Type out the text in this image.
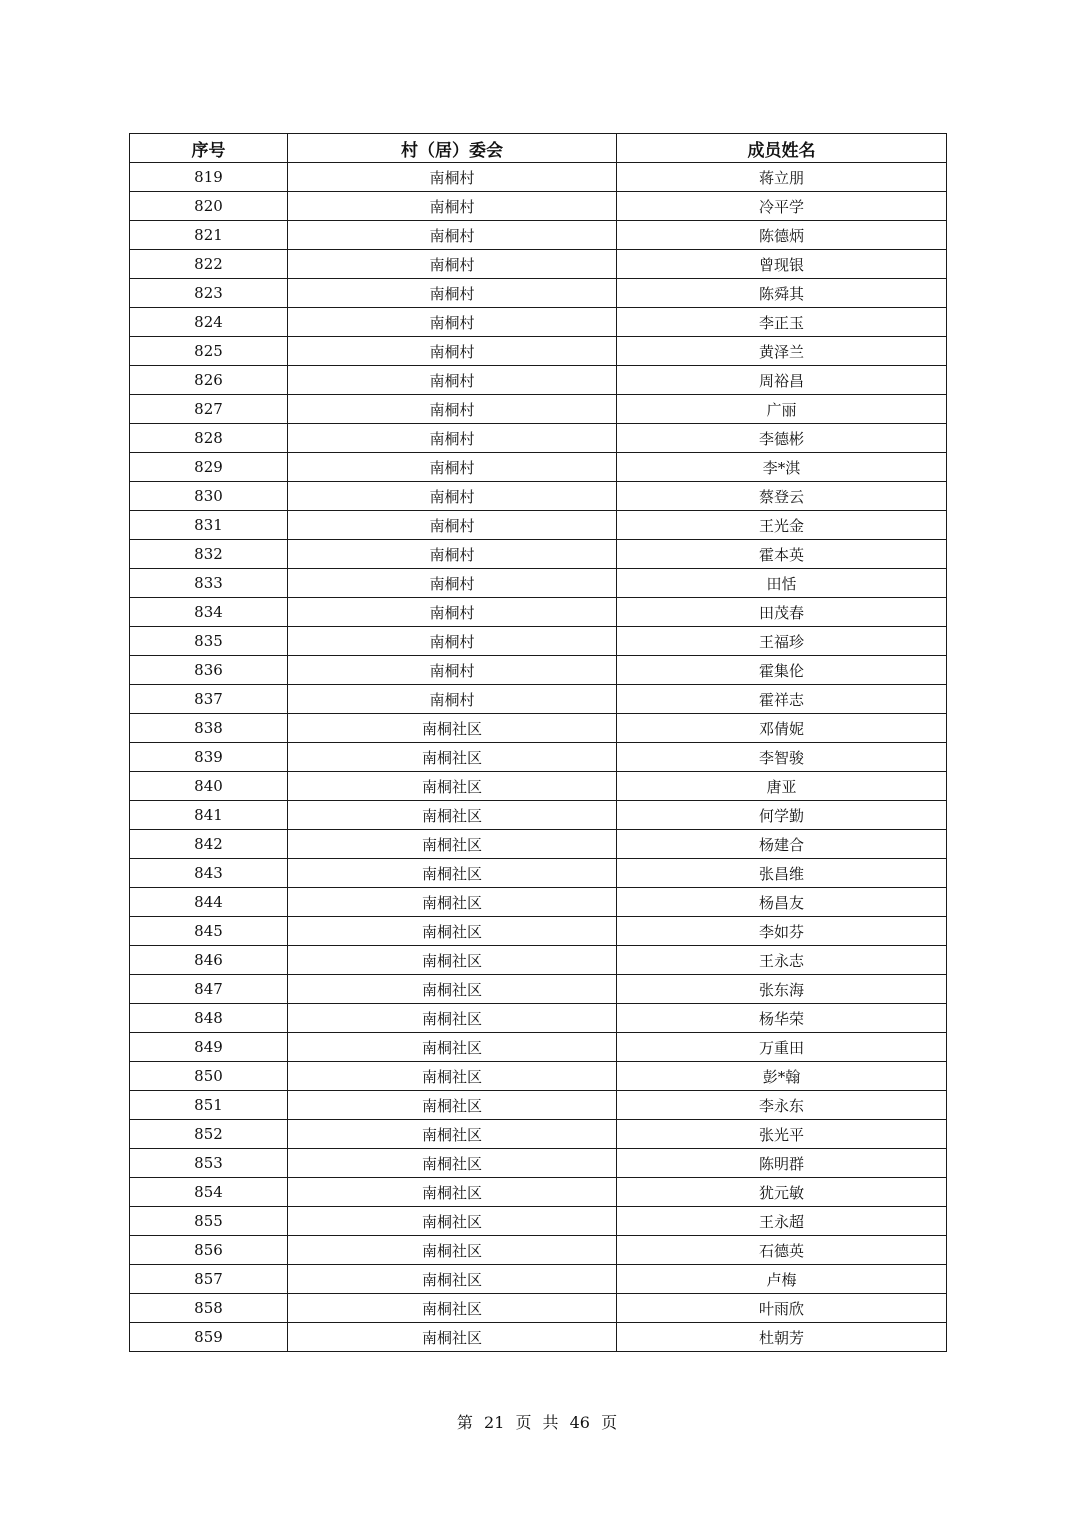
序号	村（居）委会	成员姓名
819	南桐村	蒋立朋
820	南桐村	冷平学
821	南桐村	陈德炳
822	南桐村	曾现银
823	南桐村	陈舜其
824	南桐村	李正玉
825	南桐村	黄泽兰
826	南桐村	周裕昌
827	南桐村	广丽
828	南桐村	李德彬
829	南桐村	李*淇
830	南桐村	蔡登云
831	南桐村	王光金
832	南桐村	霍本英
833	南桐村	田恬
834	南桐村	田茂春
835	南桐村	王福珍
836	南桐村	霍集伦
837	南桐村	霍祥志
838	南桐社区	邓倩妮
839	南桐社区	李智骏
840	南桐社区	唐亚
841	南桐社区	何学勤
842	南桐社区	杨建合
843	南桐社区	张昌维
844	南桐社区	杨昌友
845	南桐社区	李如芬
846	南桐社区	王永志
847	南桐社区	张东海
848	南桐社区	杨华荣
849	南桐社区	万重田
850	南桐社区	彭*翰
851	南桐社区	李永东
852	南桐社区	张光平
853	南桐社区	陈明群
854	南桐社区	犹元敏
855	南桐社区	王永超
856	南桐社区	石德英
857	南桐社区	卢梅
858	南桐社区	叶雨欣
859	南桐社区	杜朝芳
第 21 页 共 46 页
